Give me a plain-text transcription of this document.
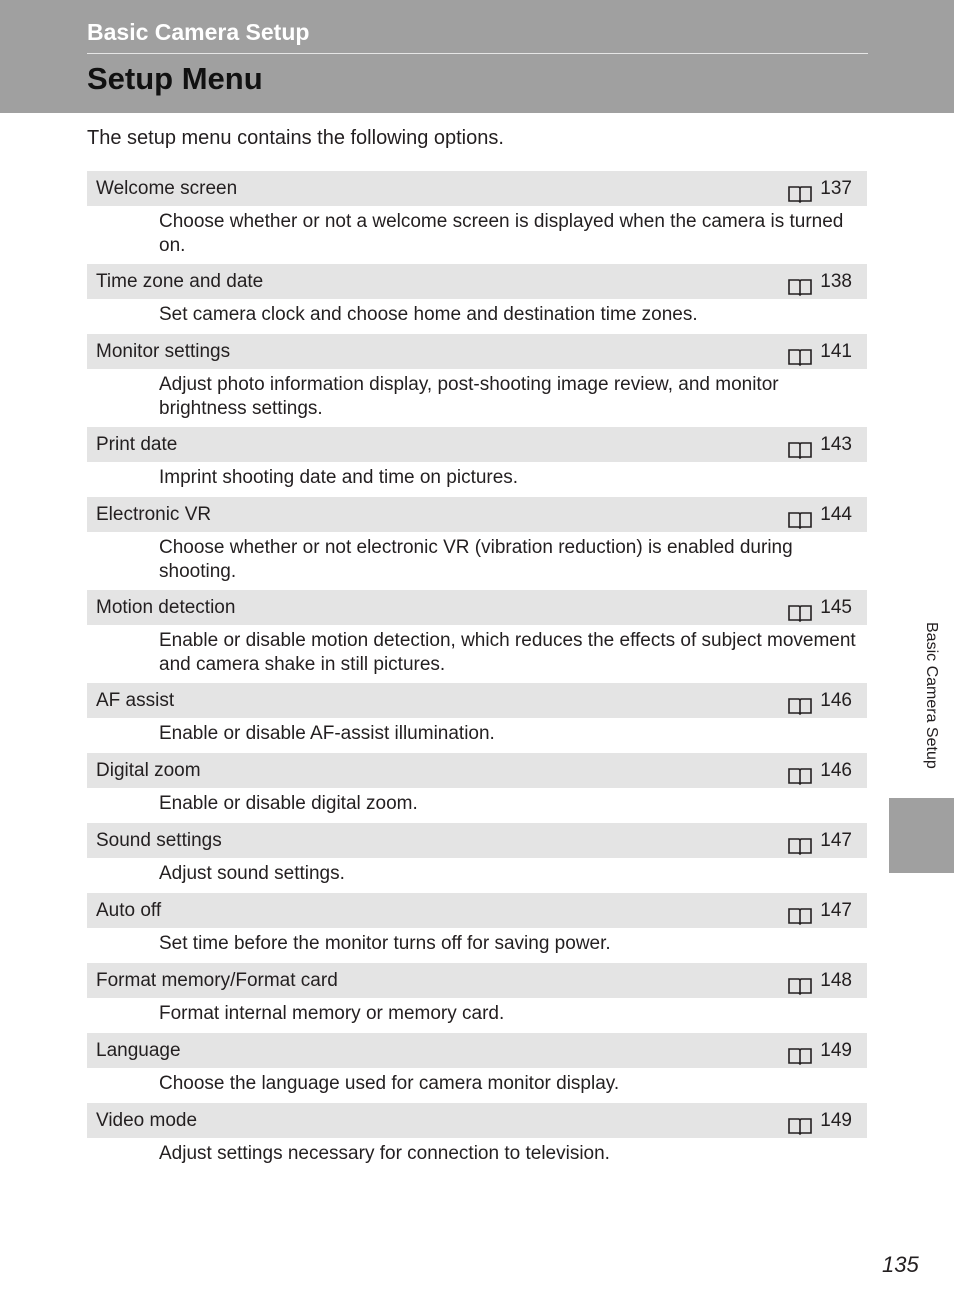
Basic Camera Setup
Setup Menu
The setup menu contains the following options.
Welcome screen	137
Choose whether or not a welcome screen is displayed when the camera is turned on.
Time zone and date	138
Set camera clock and choose home and destination time zones.
Monitor settings	141
Adjust photo information display, post-shooting image review, and monitor brightness settings.
Print date	143
Imprint shooting date and time on pictures.
Electronic VR	144
Choose whether or not electronic VR (vibration reduction) is enabled during shooting.
Motion detection	145
Enable or disable motion detection, which reduces the effects of subject movement and camera shake in still pictures.
AF assist	146
Enable or disable AF-assist illumination.
Digital zoom	146
Enable or disable digital zoom.
Sound settings	147
Adjust sound settings.
Auto off	147
Set time before the monitor turns off for saving power.
Format memory/Format card	148
Format internal memory or memory card.
Language	149
Choose the language used for camera monitor display.
Video mode	149
Adjust settings necessary for connection to television.
Basic Camera Setup
135
